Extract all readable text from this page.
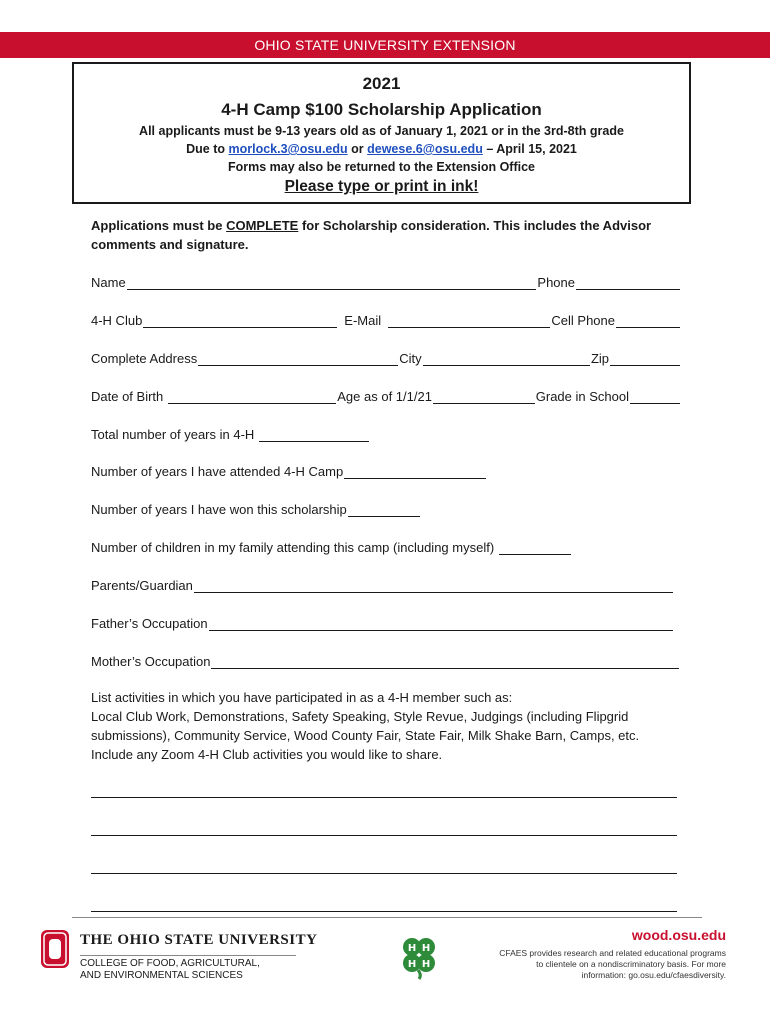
OHIO STATE UNIVERSITY EXTENSION
2021
4-H Camp $100 Scholarship Application
All applicants must be 9-13 years old as of January 1, 2021 or in the 3rd-8th grade
Due to morlock.3@osu.edu or dewese.6@osu.edu – April 15, 2021
Forms may also be returned to the Extension Office
Please type or print in ink!
Applications must be COMPLETE for Scholarship consideration. This includes the Advisor comments and signature.
Name	Phone
4-H Club	E-Mail	Cell Phone
Complete Address	City	Zip
Date of Birth	Age as of 1/1/21	Grade in School
Total number of years in 4-H
Number of years I have attended 4-H Camp
Number of years I have won this scholarship
Number of children in my family attending this camp (including myself)
Parents/Guardian
Father’s Occupation
Mother’s Occupation
List activities in which you have participated in as a 4-H member such as:
Local Club Work, Demonstrations, Safety Speaking, Style Revue, Judgings (including Flipgrid
submissions), Community Service, Wood County Fair, State Fair, Milk Shake Barn, Camps, etc.
Include any Zoom 4-H Club activities you would like to share.
THE OHIO STATE UNIVERSITY
COLLEGE OF FOOD, AGRICULTURAL,
AND ENVIRONMENTAL SCIENCES
H H
H H
wood.osu.edu
CFAES provides research and related educational programs to clientele on a nondiscriminatory basis. For more information: go.osu.edu/cfaesdiversity.
